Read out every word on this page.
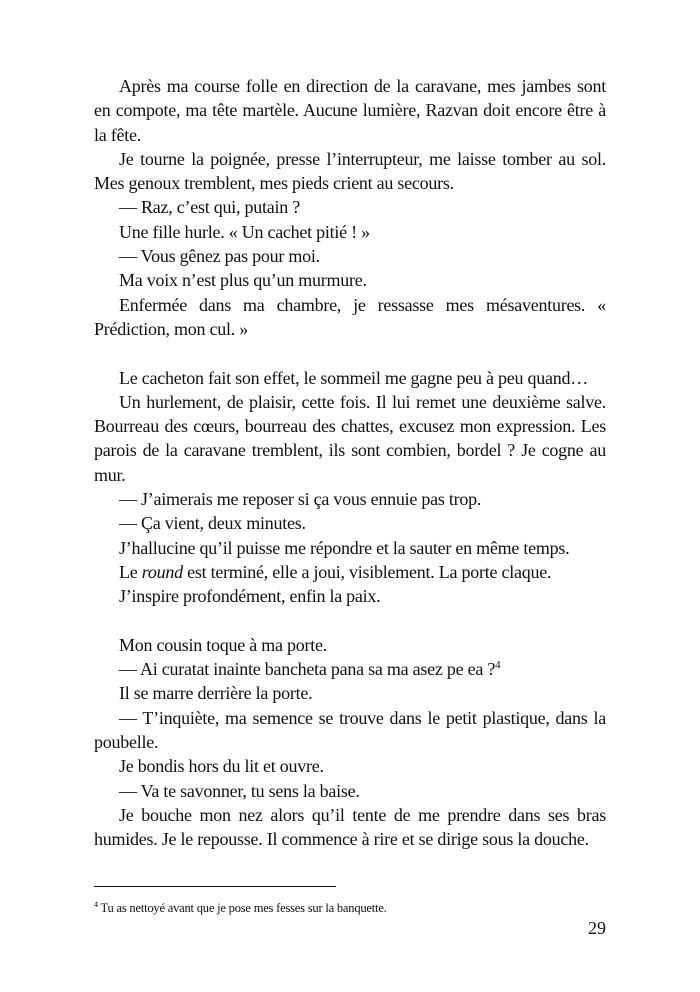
Après ma course folle en direction de la caravane, mes jambes sont en compote, ma tête martèle. Aucune lumière, Razvan doit encore être à la fête.

Je tourne la poignée, presse l’interrupteur, me laisse tomber au sol. Mes genoux tremblent, mes pieds crient au secours.

— Raz, c’est qui, putain ?

Une fille hurle. « Un cachet pitié ! »

— Vous gênez pas pour moi.

Ma voix n’est plus qu’un murmure.

Enfermée dans ma chambre, je ressasse mes mésaventures. « Prédiction, mon cul. »

Le cacheton fait son effet, le sommeil me gagne peu à peu quand…

Un hurlement, de plaisir, cette fois. Il lui remet une deuxième salve. Bourreau des cœurs, bourreau des chattes, excusez mon expression. Les parois de la caravane tremblent, ils sont combien, bordel ? Je cogne au mur.

— J’aimerais me reposer si ça vous ennuie pas trop.

— Ça vient, deux minutes.

J’hallucine qu’il puisse me répondre et la sauter en même temps.

Le round est terminé, elle a joui, visiblement. La porte claque.

J’inspire profondément, enfin la paix.

Mon cousin toque à ma porte.

— Ai curatat inainte bancheta pana sa ma asez pe ea ?$^4$

Il se marre derrière la porte.

— T’inquiète, ma semence se trouve dans le petit plastique, dans la poubelle.

Je bondis hors du lit et ouvre.

— Va te savonner, tu sens la baise.

Je bouche mon nez alors qu’il tente de me prendre dans ses bras humides. Je le repousse. Il commence à rire et se dirige sous la douche.

$^4$ Tu as nettoyé avant que je pose mes fesses sur la banquette.
29
